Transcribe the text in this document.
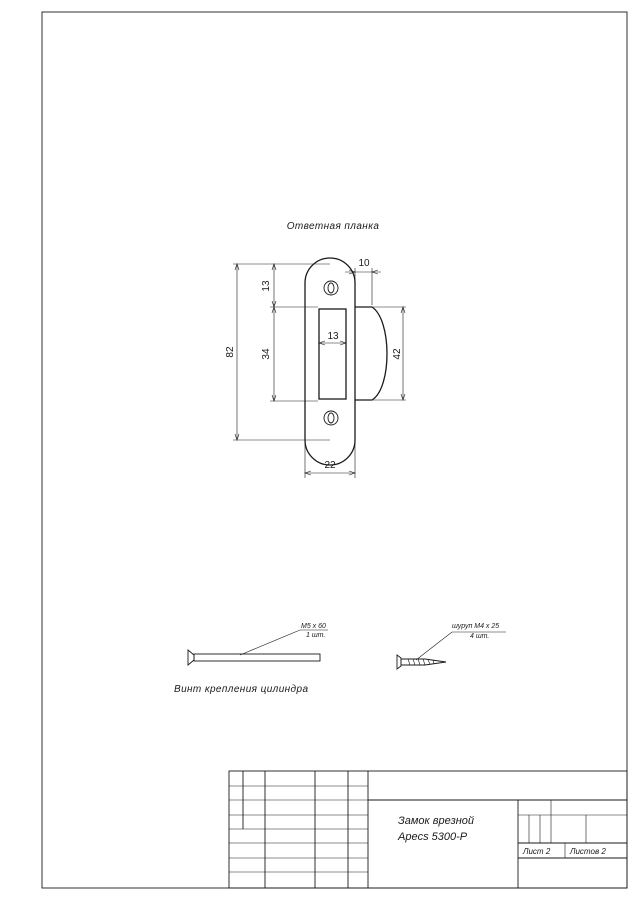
82
13
34
13
10
42
22
Ответная планка
М5 х 60
1 шт.
Винт крепления цилиндра
шуруп М4 х 25
4 шт.
Замок врезной
Apecs 5300-P
Лист 2 Листов 2
